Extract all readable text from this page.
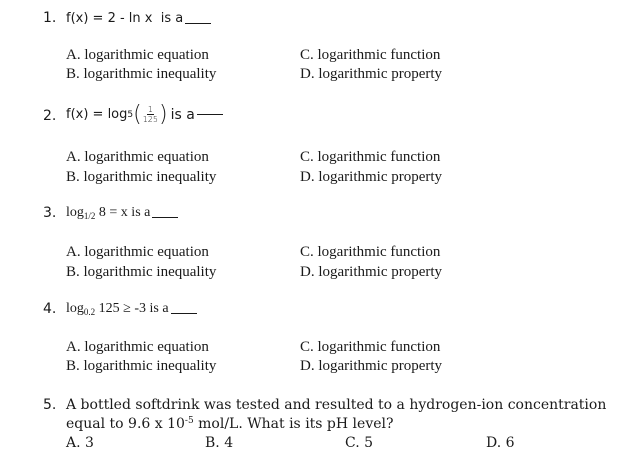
1. f(x) = 2 - ln x is a
A. logarithmic equation
B. logarithmic inequality
C. logarithmic function
D. logarithmic property
2. f(x) = log 5 ( 1
125 ) is a
A. logarithmic equation
B. logarithmic inequality
C. logarithmic function
D. logarithmic property
3. $\log_{1/2} 8 = x$ is a
A. logarithmic equation
B. logarithmic inequality
C. logarithmic function
D. logarithmic property
4. $\log_{0.2} 125 \ge -3$ is a
A. logarithmic equation
B. logarithmic inequality
C. logarithmic function
D. logarithmic property
5. A bottled softdrink was tested and resulted to a hydrogen-ion concentration
equal to 9.6 x $10^{-5}$ mol/L. What is its pH level?
A. 3	B. 4	C. 5	D. 6
